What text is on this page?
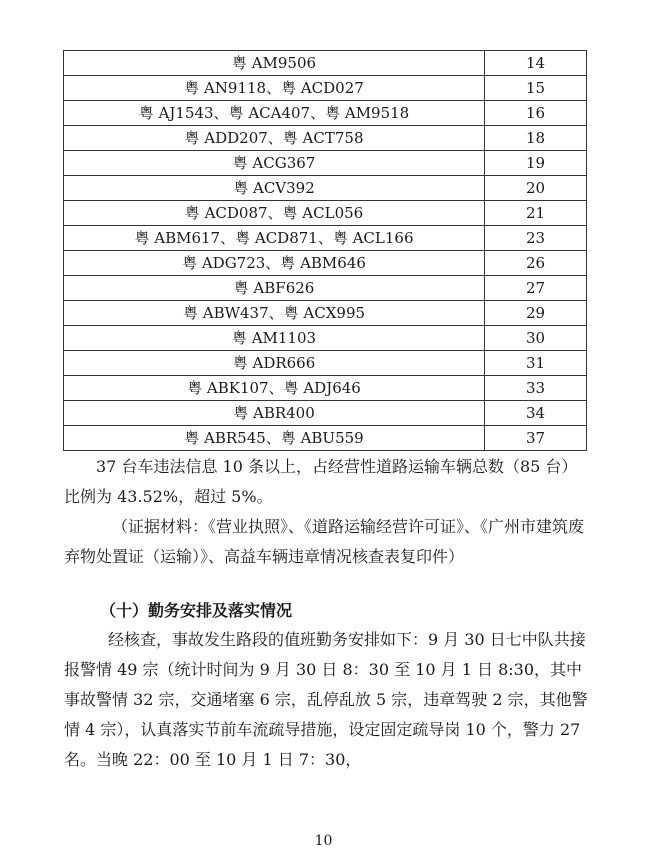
粤 AM9506	14
粤 AN9118、粤 ACD027	15
粤 AJ1543、粤 ACA407、粤 AM9518	16
粤 ADD207、粤 ACT758	18
粤 ACG367	19
粤 ACV392	20
粤 ACD087、粤 ACL056	21
粤 ABM617、粤 ACD871、粤 ACL166	23
粤 ADG723、粤 ABM646	26
粤 ABF626	27
粤 ABW437、粤 ACX995	29
粤 AM1103	30
粤 ADR666	31
粤 ABK107、粤 ADJ646	33
粤 ABR400	34
粤 ABR545、粤 ABU559	37

37 台车违法信息 10 条以上，占经营性道路运输车辆总数（85 台）比例为 43.52%，超过 5%。

（证据材料：《营业执照》、《道路运输经营许可证》、《广州市建筑废弃物处置证（运输）》、高益车辆违章情况核查表复印件）

（十）勤务安排及落实情况

经核查，事故发生路段的值班勤务安排如下：9 月 30 日七中队共接报警情 49 宗（统计时间为 9 月 30 日 8：30 至 10 月 1 日 8:30，其中事故警情 32 宗，交通堵塞 6 宗，乱停乱放 5 宗，违章驾驶 2 宗，其他警情 4 宗），认真落实节前车流疏导措施，设定固定疏导岗 10 个，警力 27 名。当晚 22：00 至 10 月 1 日 7：30，

10
